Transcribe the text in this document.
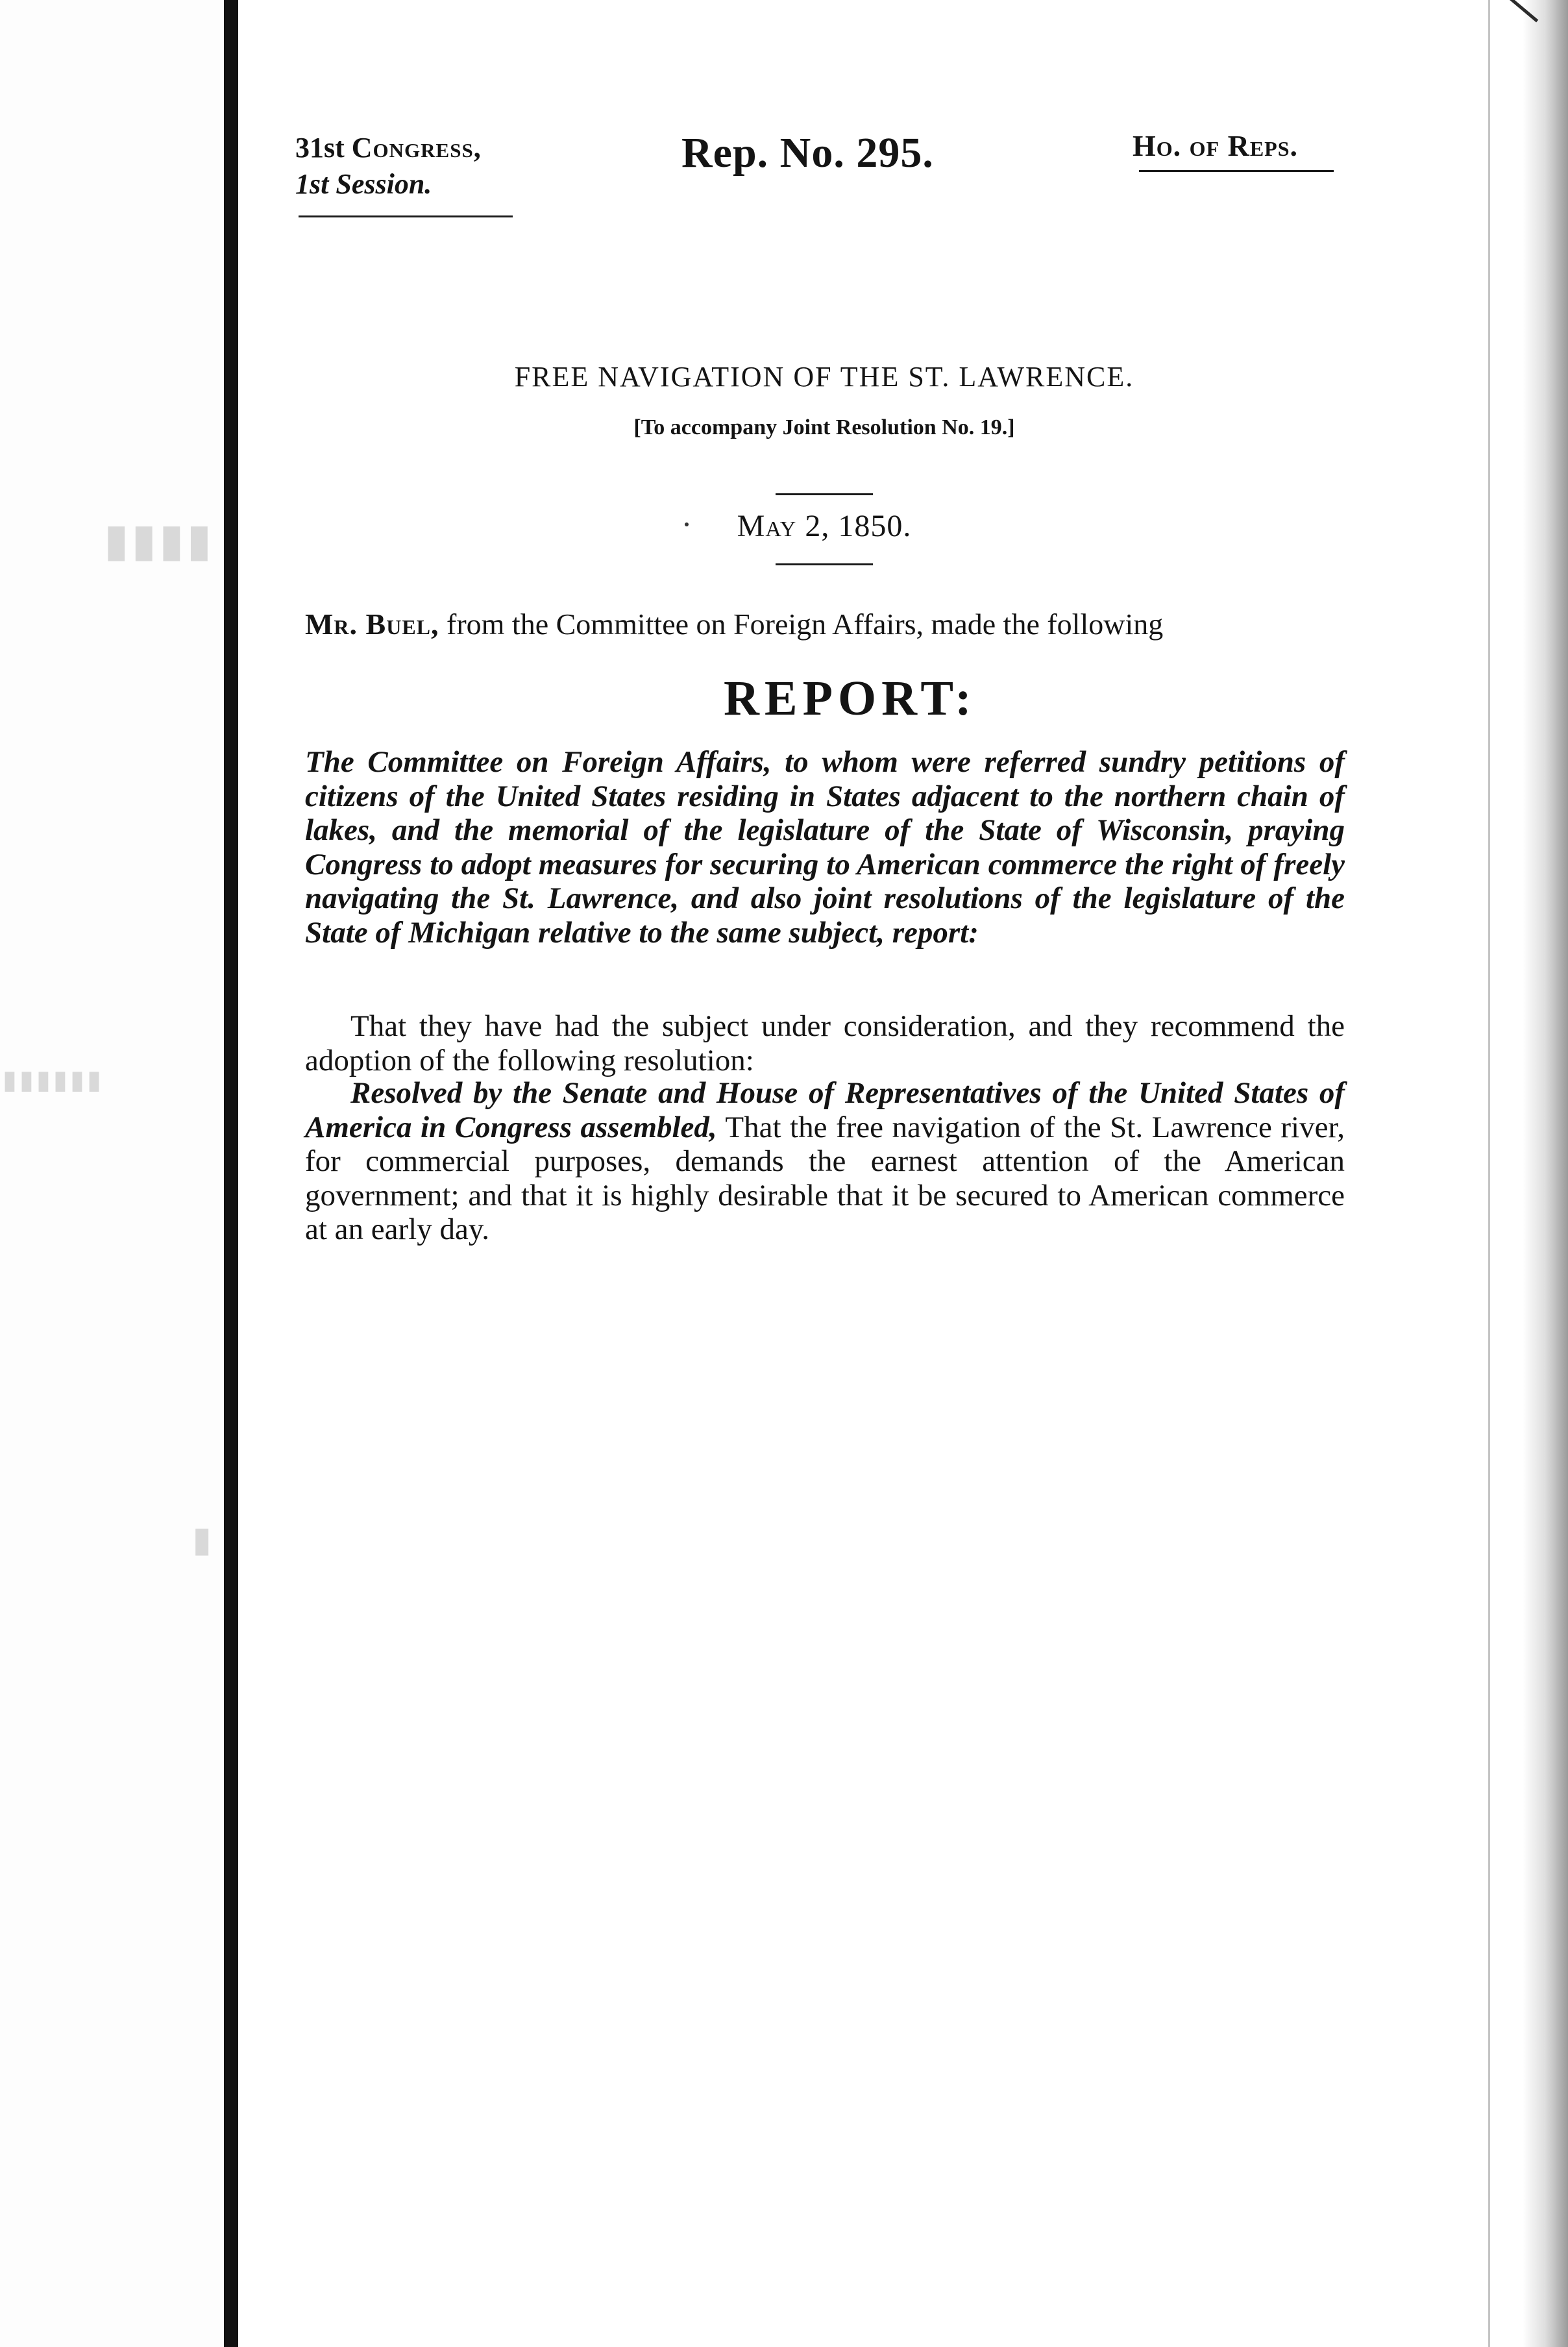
▮▮▮▮
▮▮▮▮▮▮
▮
31st Congress,
1st Session.
Rep. No. 295.	Ho. of Reps.
FREE NAVIGATION OF THE ST. LAWRENCE.
[To accompany Joint Resolution No. 19.]
May 2, 1850.
Mr. Buel, from the Committee on Foreign Affairs, made the following
REPORT:

The Committee on Foreign Affairs, to whom were referred sundry petitions of citizens of the United States residing in States adjacent to the northern chain of lakes, and the memorial of the legislature of the State of Wisconsin, praying Congress to adopt measures for securing to American commerce the right of freely navigating the St. Lawrence, and also joint resolutions of the legislature of the State of Michigan relative to the same subject, report:

That they have had the subject under consideration, and they recommend the adoption of the following resolution:

Resolved by the Senate and House of Representatives of the United States of America in Congress assembled, That the free navigation of the St. Lawrence river, for commercial purposes, demands the earnest attention of the American government; and that it is highly desirable that it be secured to American commerce at an early day.
